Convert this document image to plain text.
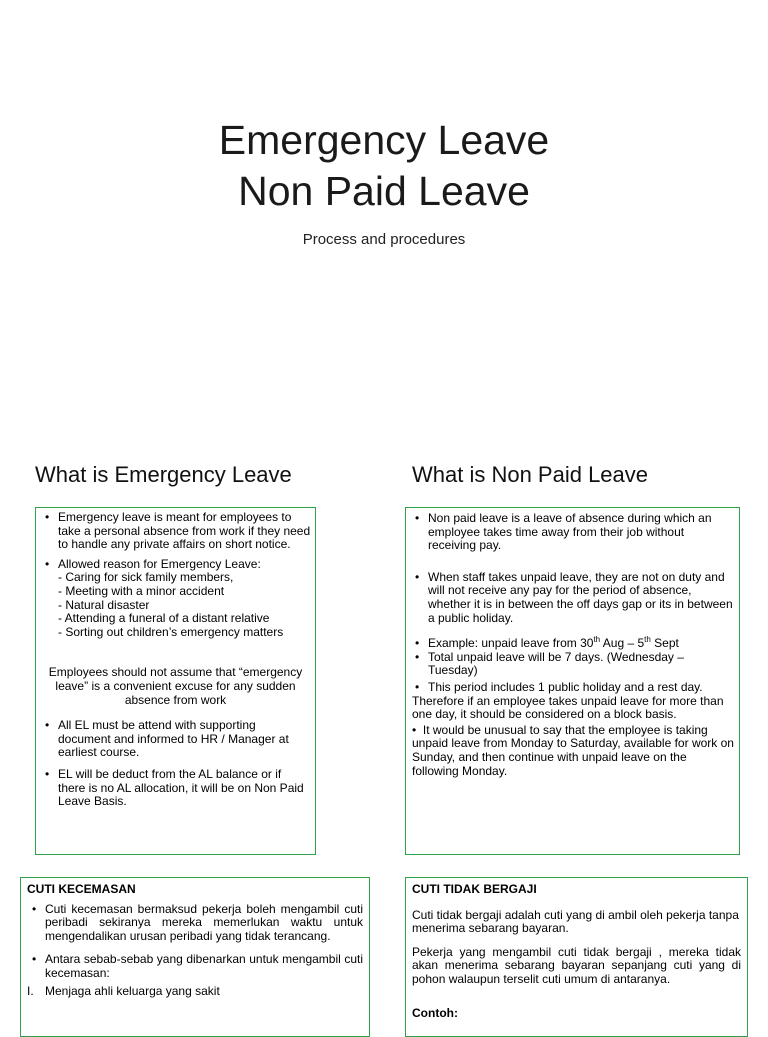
Emergency Leave
Non Paid Leave
Process and procedures
What is Emergency Leave	What is Non Paid Leave
• Emergency leave is meant for employees to take a personal absence from work if they need to handle any private affairs on short notice.
• Allowed reason for Emergency Leave:
- Caring for sick family members,
- Meeting with a minor accident
- Natural disaster
- Attending a funeral of a distant relative
- Sorting out children’s emergency matters
Employees should not assume that “emergency leave” is a convenient excuse for any sudden absence from work
• All EL must be attend with supporting document and informed to HR / Manager at earliest course.
• EL will be deduct from the AL balance or if there is no AL allocation, it will be on Non Paid Leave Basis.
• Non paid leave is a leave of absence during which an employee takes time away from their job without receiving pay.
• When staff takes unpaid leave, they are not on duty and will not receive any pay for the period of absence, whether it is in between the off days gap or its in between a public holiday.
• Example: unpaid leave from 30th Aug – 5th Sept
• Total unpaid leave will be 7 days. (Wednesday – Tuesday)
• This period includes 1 public holiday and a rest day.
Therefore if an employee takes unpaid leave for more than one day, it should be considered on a block basis.
•  It would be unusual to say that the employee is taking unpaid leave from Monday to Saturday, available for work on Sunday, and then continue with unpaid leave on the following Monday.
CUTI KECEMASAN
• Cuti kecemasan bermaksud pekerja boleh mengambil cuti peribadi sekiranya mereka memerlukan waktu untuk mengendalikan urusan peribadi yang tidak terancang.
• Antara sebab-sebab yang dibenarkan untuk mengambil cuti kecemasan:
I. Menjaga ahli keluarga yang sakit
CUTI TIDAK BERGAJI
Cuti tidak bergaji adalah cuti yang di ambil oleh pekerja tanpa menerima sebarang bayaran.
Pekerja yang mengambil cuti tidak bergaji , mereka tidak akan menerima sebarang bayaran sepanjang cuti yang di pohon walaupun terselit cuti umum di antaranya.
Contoh:
